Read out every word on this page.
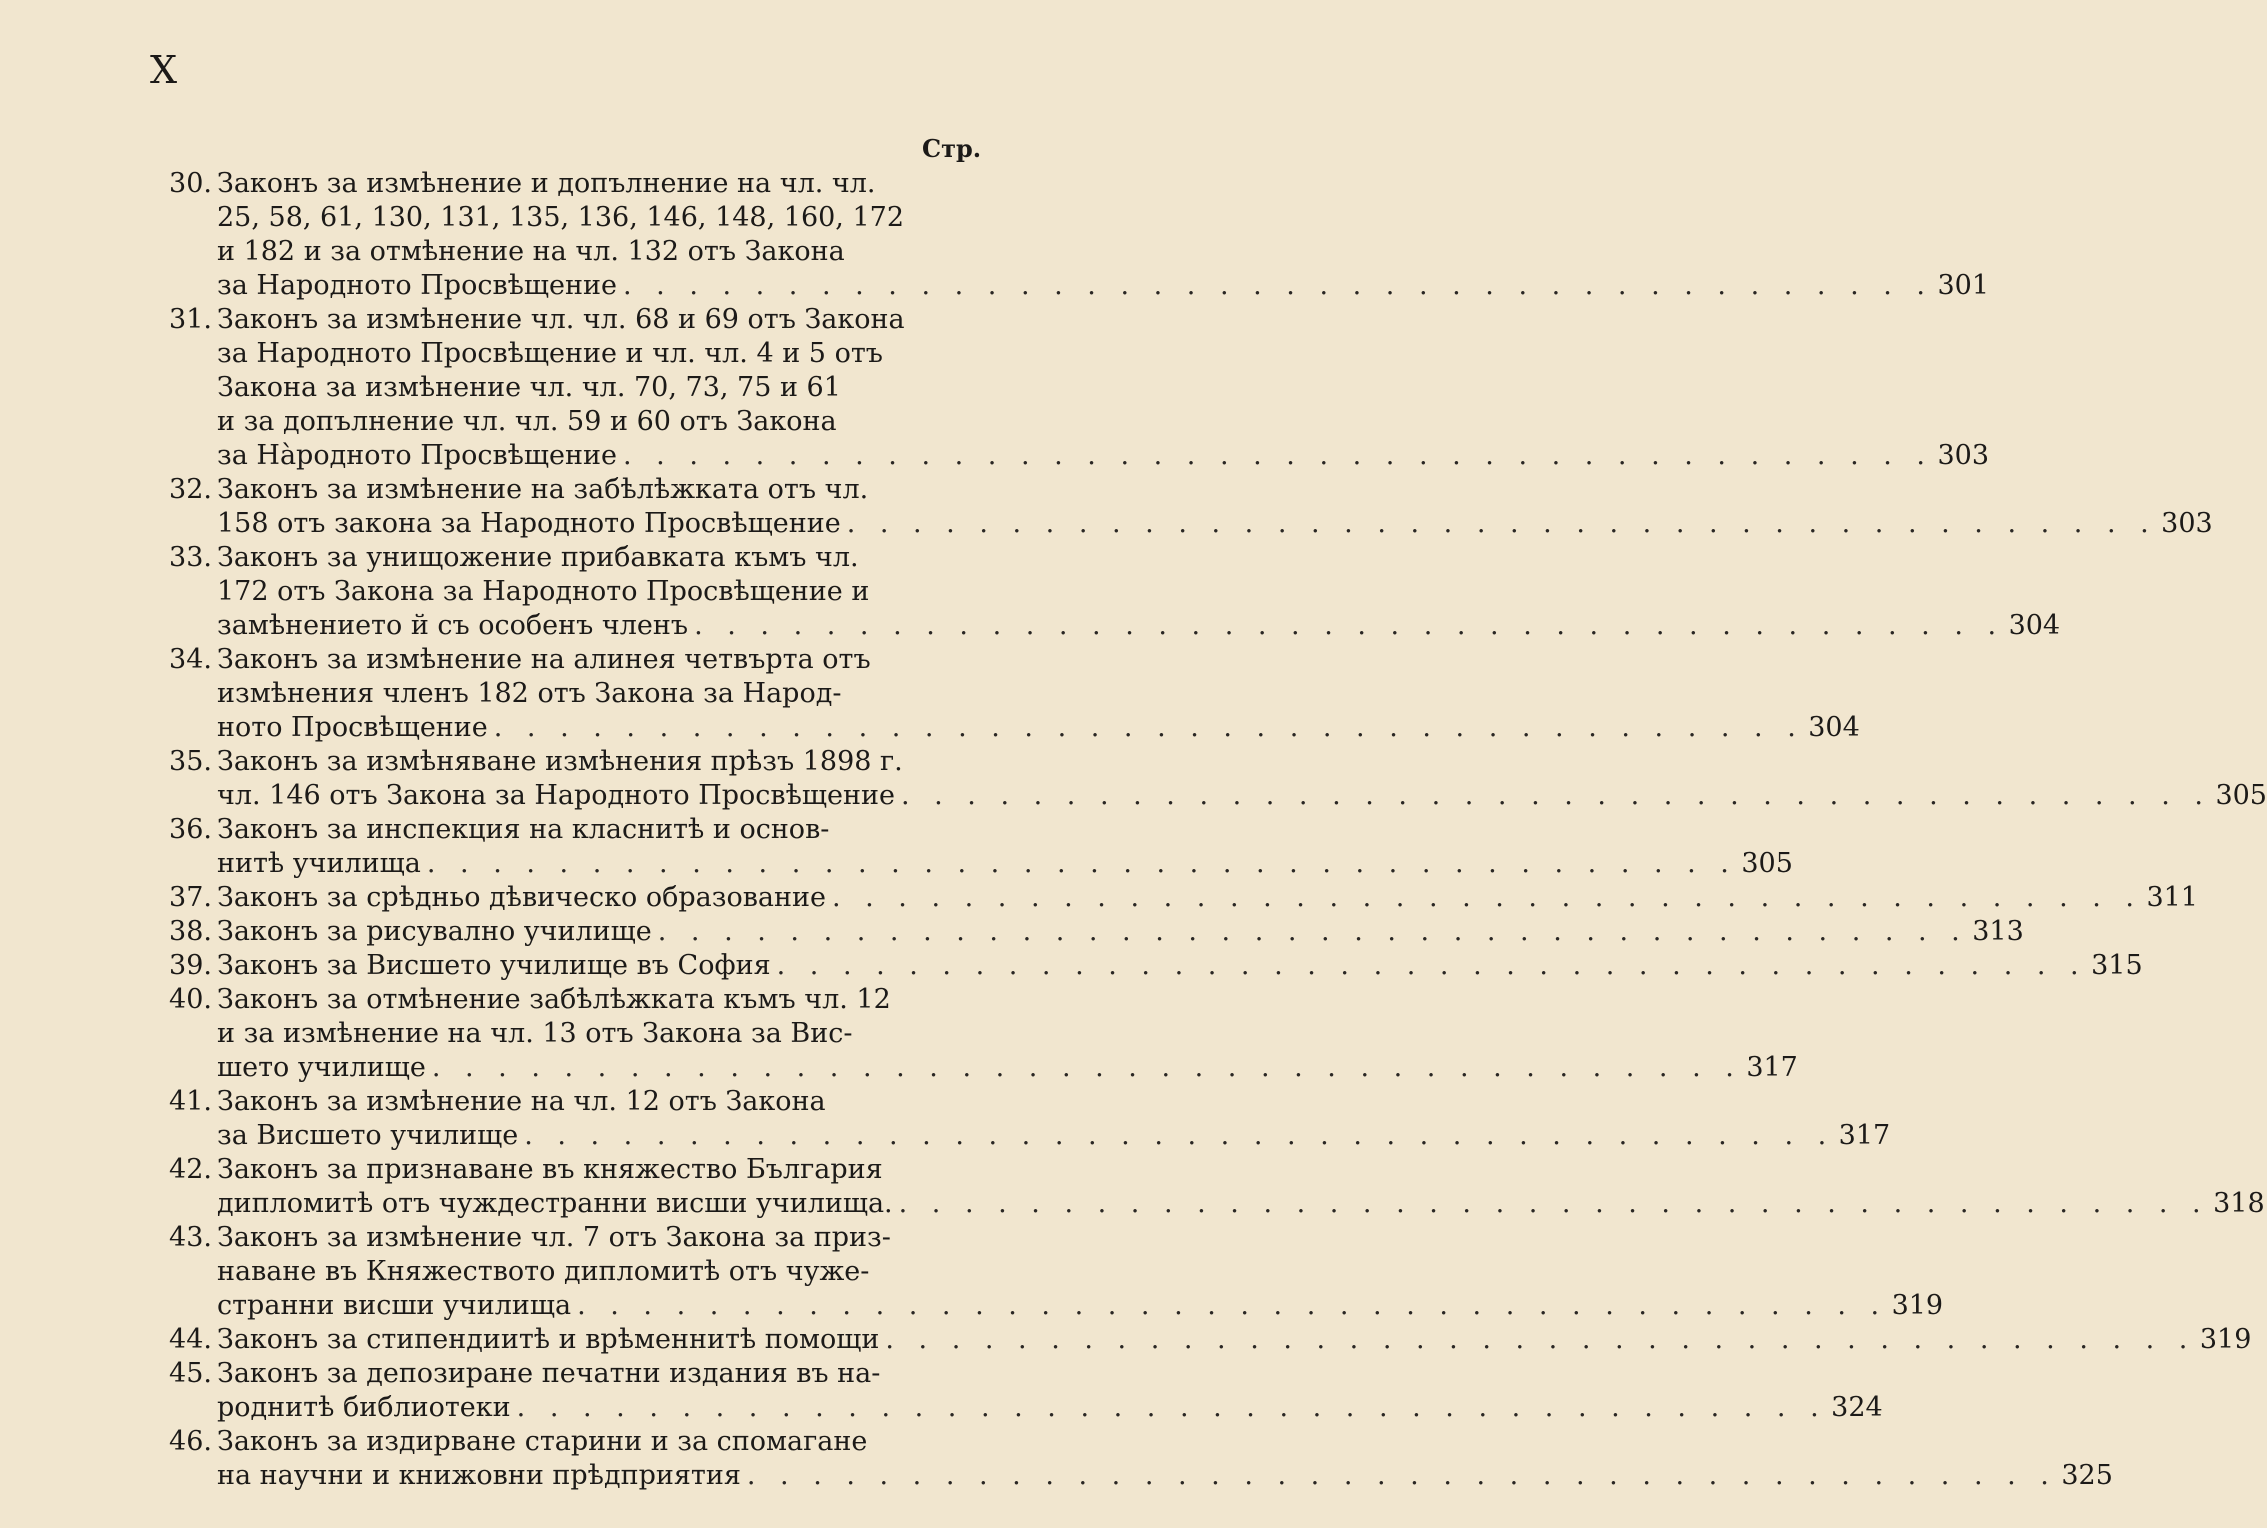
X
Стр.
30. Законъ за измѣнение и допълнение на чл. чл.
25, 58, 61, 130, 131, 135, 136, 146, 148, 160, 172
и 182 и за отмѣнение на чл. 132 отъ Закона
за Народното Просвѣщение . . . . . . . . . . . . . . . . . . . . . . . . . . . . . . . . . . . . . . . . 301
31. Законъ за измѣнение чл. чл. 68 и 69 отъ Закона
за Народното Просвѣщение и чл. чл. 4 и 5 отъ
Закона за измѣнение чл. чл. 70, 73, 75 и 61
и за допълнение чл. чл. 59 и 60 отъ Закона
за Нàродното Просвѣщение . . . . . . . . . . . . . . . . . . . . . . . . . . . . . . . . . . . . . . . . 303
32. Законъ за измѣнение на забѣлѣжката отъ чл.
158 отъ закона за Народното Просвѣщение . . . . . . . . . . . . . . . . . . . . . . . . . . . . . . . . . . . . . . . . 303
33. Законъ за унищожение прибавката къмъ чл.
172 отъ Закона за Народното Просвѣщение и
замѣнението й съ особенъ членъ . . . . . . . . . . . . . . . . . . . . . . . . . . . . . . . . . . . . . . . . 304
34. Законъ за измѣнение на алинея четвърта отъ
измѣнения членъ 182 отъ Закона за Народ-
ното Просвѣщение . . . . . . . . . . . . . . . . . . . . . . . . . . . . . . . . . . . . . . . . 304
35. Законъ за измѣняване измѣнения прѣзъ 1898 г.
чл. 146 отъ Закона за Народното Просвѣщение . . . . . . . . . . . . . . . . . . . . . . . . . . . . . . . . . . . . . . . . 305
36. Законъ за инспекция на класнитѣ и основ-
нитѣ училища . . . . . . . . . . . . . . . . . . . . . . . . . . . . . . . . . . . . . . . . 305
37. Законъ за срѣдньо дѣвическо образование . . . . . . . . . . . . . . . . . . . . . . . . . . . . . . . . . . . . . . . . 311
38. Законъ за рисувално училище . . . . . . . . . . . . . . . . . . . . . . . . . . . . . . . . . . . . . . . . 313
39. Законъ за Висшето училище въ София . . . . . . . . . . . . . . . . . . . . . . . . . . . . . . . . . . . . . . . . 315
40. Законъ за отмѣнение забѣлѣжката къмъ чл. 12
и за измѣнение на чл. 13 отъ Закона за Вис-
шето училище . . . . . . . . . . . . . . . . . . . . . . . . . . . . . . . . . . . . . . . . 317
41. Законъ за измѣнение на чл. 12 отъ Закона
за Висшето училище . . . . . . . . . . . . . . . . . . . . . . . . . . . . . . . . . . . . . . . . 317
42. Законъ за признаване въ княжество България
дипломитѣ отъ чуждестранни висши училища. . . . . . . . . . . . . . . . . . . . . . . . . . . . . . . . . . . . . . . . . 318
43. Законъ за измѣнение чл. 7 отъ Закона за приз-
наване въ Княжеството дипломитѣ отъ чуже-
странни висши училища . . . . . . . . . . . . . . . . . . . . . . . . . . . . . . . . . . . . . . . . 319
44. Законъ за стипендиитѣ и врѣменнитѣ помощи . . . . . . . . . . . . . . . . . . . . . . . . . . . . . . . . . . . . . . . . 319
45. Законъ за депозиране печатни издания въ на-
роднитѣ библиотеки . . . . . . . . . . . . . . . . . . . . . . . . . . . . . . . . . . . . . . . . 324
46. Законъ за издирване старини и за спомагане
на научни и книжовни прѣдприятия . . . . . . . . . . . . . . . . . . . . . . . . . . . . . . . . . . . . . . . . 325
